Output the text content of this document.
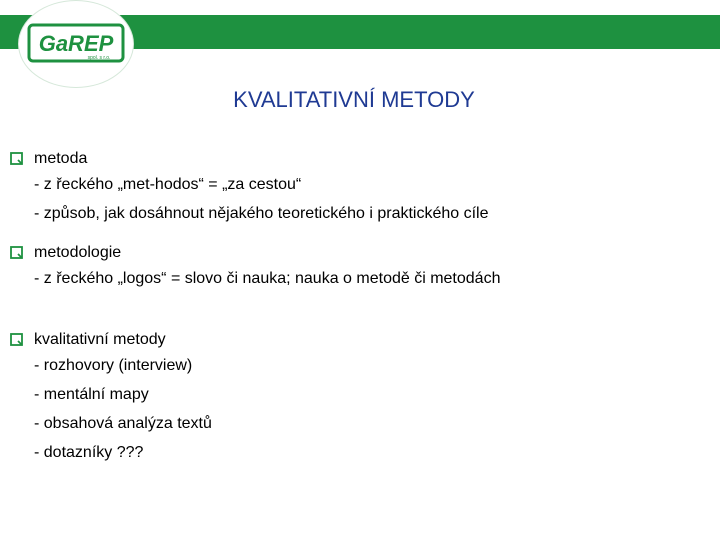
GaREP
spol. s r.o.
KVALITATIVNÍ METODY
metoda
- z řeckého „met-hodos“ = „za cestou“
- způsob, jak dosáhnout nějakého teoretického i praktického cíle
metodologie
- z řeckého „logos“ = slovo či nauka; nauka o metodě či metodách
kvalitativní metody
- rozhovory (interview)
- mentální mapy
- obsahová analýza textů
- dotazníky ???
